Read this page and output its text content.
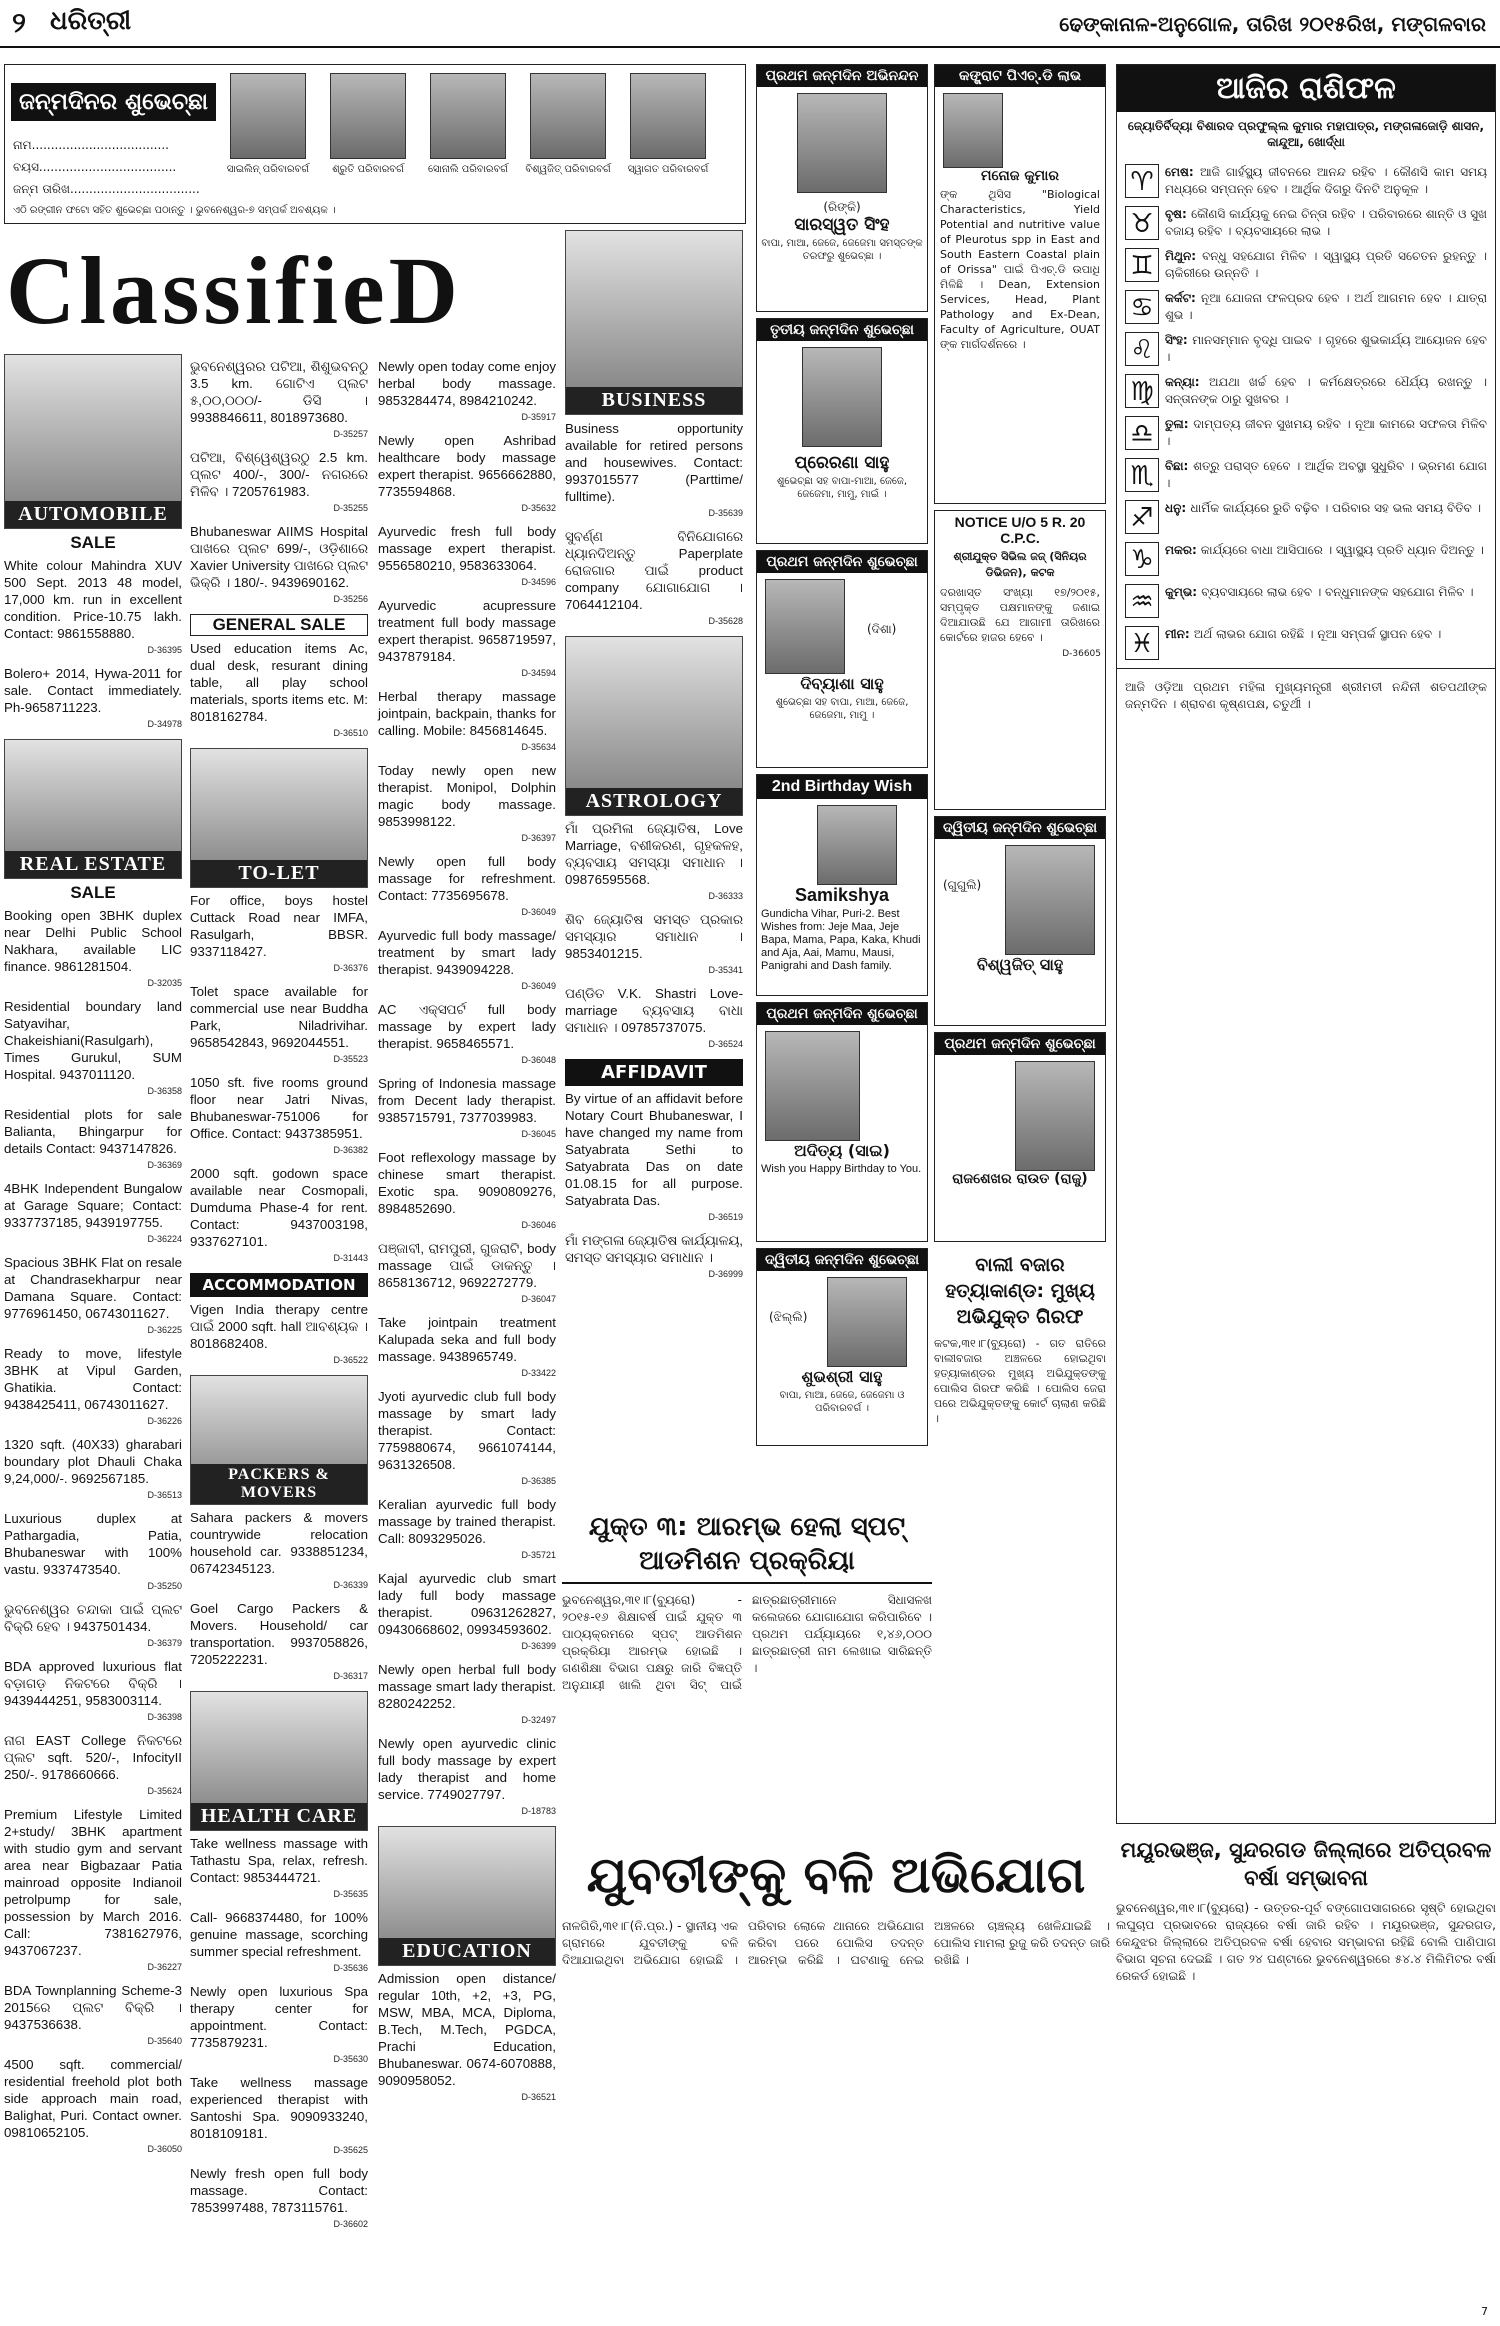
୨ ଧରିତ୍ରୀ	ଢେଙ୍କାନାଳ-ଅନୁଗୋଳ, ତାରିଖ ୨୦୧୫ରିଖ, ମଙ୍ଗଳବାର
ଜନ୍ମଦିନର ଶୁଭେଚ୍ଛା
ନାମ....................................
ବୟସ....................................
ଜନ୍ମ ତାରିଖ..................................
ସାଇଲିନ୍ ପରିବାରବର୍ଗ	ଶ୍ରୁତି ପରିବାରବର୍ଗ	ସୋନାଲି ପରିବାରବର୍ଗ	ବିଶ୍ୱଜିତ୍ ପରିବାରବର୍ଗ	ସ୍ୱାଗତ ପରିବାରବର୍ଗ
ଏଠି ରଙ୍ଗୀନ ଫଟୋ ସହିତ ଶୁଭେଚ୍ଛା ପଠାନ୍ତୁ । ଭୁବନେଶ୍ୱର-୭ ସମ୍ପର୍କ ଅବଶ୍ୟକ ।
ClassifieD
BUSINESS
AUTOMOBILE
SALE
White colour Mahindra XUV 500 Sept. 2013 48 model, 17,000 km. run in excellent condition. Price-10.75 lakh. Contact: 9861558880.
D-36395
Bolero+ 2014, Hywa-2011 for sale. Contact immediately. Ph-9658711223.
D-34978
REAL ESTATE
SALE
Booking open 3BHK duplex near Delhi Public School Nakhara, available LIC finance. 9861281504.
D-32035
Residential boundary land Satyavihar, Chakeishiani(Rasulgarh), Times Gurukul, SUM Hospital. 9437011120.
D-36358
Residential plots for sale Balianta, Bhingarpur for details Contact: 9437147826.
D-36369
4BHK Independent Bungalow at Garage Square; Contact: 9337737185, 9439197755.
D-36224
Spacious 3BHK Flat on resale at Chandrasekharpur near Damana Square. Contact: 9776961450, 06743011627.
D-36225
Ready to move, lifestyle 3BHK at Vipul Garden, Ghatikia. Contact: 9438425411, 06743011627.
D-36226
1320 sqft. (40X33) gharabari boundary plot Dhauli Chaka 9,24,000/-. 9692567185.
D-36513
Luxurious duplex at Pathargadia, Patia, Bhubaneswar with 100% vastu. 9337473540.
D-35250
ଭୁବନେଶ୍ୱର ଚନ୍ଦାକା ପାଇଁ ପ୍ଲଟ ବିକ୍ରି ହେବ । 9437501434.
D-36379
BDA approved luxurious flat ବଡ଼ାଗଡ଼ ନିକଟରେ ବିକ୍ରି । 9439444251, 9583003114.
D-36398
ନାଗ EAST College ନିକଟରେ ପ୍ଲଟ sqft. 520/-, InfocityII 250/-. 9178660666.
D-35624
Premium Lifestyle Limited 2+study/ 3BHK apartment with studio gym and servant area near Bigbazaar Patia mainroad opposite Indianoil petrolpump for sale, possession by March 2016. Call: 7381627976, 9437067237.
D-36227
BDA Townplanning Scheme-3 2015ରେ ପ୍ଲଟ ବିକ୍ରି । 9437536638.
D-35640
4500 sqft. commercial/ residential freehold plot both side approach main road, Balighat, Puri. Contact owner. 09810652105.
D-36050
ଭୁବନେଶ୍ୱରର ପଟିଆ, ଶିଶୁଭବନଠୁ 3.5 km. ଗୋଟିଏ ପ୍ଲଟ ୫,୦୦,୦୦୦/- ଡିସି । 9938846611, 8018973680.
D-35257
ପଟିଆ, ବିଶ୍ୱେଶ୍ୱରଠୁ 2.5 km. ପ୍ଲଟ 400/-, 300/- ନଗରରେ ମିଳିବ । 7205761983.
D-35255
Bhubaneswar AIIMS Hospital ପାଖରେ ପ୍ଲଟ 699/-, ଓଡ଼ିଶାରେ Xavier University ପାଖରେ ପ୍ଲଟ ଭିକ୍ରି । 180/-. 9439690162.
D-35256
GENERAL SALE
Used education items Ac, dual desk, resurant dining table, all play school materials, sports items etc. M: 8018162784.
D-36510
TO-LET
For office, boys hostel Cuttack Road near IMFA, Rasulgarh, BBSR. 9337118427.
D-36376
Tolet space available for commercial use near Buddha Park, Niladrivihar. 9658542843, 9692044551.
D-35523
1050 sft. five rooms ground floor near Jatri Nivas, Bhubaneswar-751006 for Office. Contact: 9437385951.
D-36382
2000 sqft. godown space available near Cosmopali, Dumduma Phase-4 for rent. Contact: 9437003198, 9337627101.
D-31443
ACCOMMODATION
Vigen India therapy centre ପାଇଁ 2000 sqft. hall ଆବଶ୍ୟକ । 8018682408.
D-36522
PACKERS & MOVERS
Sahara packers & movers countrywide relocation household car. 9338851234, 06742345123.
D-36339
Goel Cargo Packers & Movers. Household/ car transportation. 9937058826, 7205222231.
D-36317
HEALTH CARE
Take wellness massage with Tathastu Spa, relax, refresh. Contact: 9853444721.
D-35635
Call- 9668374480, for 100% genuine massage, scorching summer special refreshment.
D-35636
Newly open luxurious Spa therapy center for appointment. Contact: 7735879231.
D-35630
Take wellness massage experienced therapist with Santoshi Spa. 9090933240, 8018109181.
D-35625
Newly fresh open full body massage. Contact: 7853997488, 7873115761.
D-36602
Newly open today come enjoy herbal body massage. 9853284474, 8984210242.
D-35917
Newly open Ashribad healthcare body massage expert therapist. 9656662880, 7735594868.
D-35632
Ayurvedic fresh full body massage expert therapist. 9556580210, 9583633064.
D-34596
Ayurvedic acupressure treatment full body massage expert therapist. 9658719597, 9437879184.
D-34594
Herbal therapy massage jointpain, backpain, thanks for calling. Mobile: 8456814645.
D-35634
Today newly open new therapist. Monipol, Dolphin magic body massage. 9853998122.
D-36397
Newly open full body massage for refreshment. Contact: 7735695678.
D-36049
Ayurvedic full body massage/ treatment by smart lady therapist. 9439094228.
D-36049
AC ଏକ୍ସପର୍ଟ full body massage by expert lady therapist. 9658465571.
D-36048
Spring of Indonesia massage from Decent lady therapist. 9385715791, 7377039983.
D-36045
Foot reflexology massage by chinese smart therapist. Exotic spa. 9090809276, 8984852690.
D-36046
ପଞ୍ଜାବୀ, ରାମପୁରୀ, ଗୁଜରାଟି, body massage ପାଇଁ ଡାକନ୍ତୁ । 8658136712, 9692272779.
D-36047
Take jointpain treatment Kalupada seka and full body massage. 9438965749.
D-33422
Jyoti ayurvedic club full body massage by smart lady therapist. Contact: 7759880674, 9661074144, 9631326508.
D-36385
Keralian ayurvedic full body massage by trained therapist. Call: 8093295026.
D-35721
Kajal ayurvedic club smart lady full body massage therapist. 09631262827, 09430668602, 09934593602.
D-36399
Newly open herbal full body massage smart lady therapist. 8280242252.
D-32497
Newly open ayurvedic clinic full body massage by expert lady therapist and home service. 7749027797.
D-18783
EDUCATION
Admission open distance/ regular 10th, +2, +3, PG, MSW, MBA, MCA, Diploma, B.Tech, M.Tech, PGDCA, Prachi Education, Bhubaneswar. 0674-6070888, 9090958052.
D-36521
Business opportunity available for retired persons and housewives. Contact: 9937015577 (Parttime/ fulltime).
D-35639
ସୁବର୍ଣ୍ଣ ବିନିଯୋଗରେ ଧ୍ୟାନଦିଅନ୍ତୁ Paperplate ରୋଜଗାର ପାଇଁ product company ଯୋଗାଯୋଗ । 7064412104.
D-35628
ASTROLOGY
ମାଁ ପ୍ରମିଳା ଜ୍ୟୋତିଷ, Love Marriage, ବଶୀକରଣ, ଗୃହକଳହ, ବ୍ୟବସାୟ ସମସ୍ୟା ସମାଧାନ । 09876595568.
D-36333
ଶିବ ଜ୍ୟୋତିଷ ସମସ୍ତ ପ୍ରକାର ସମସ୍ୟାର ସମାଧାନ । 9853401215.
D-35341
ପଣ୍ଡିତ V.K. Shastri Love-marriage ବ୍ୟବସାୟ ବାଧା ସମାଧାନ । 09785737075.
D-36524
AFFIDAVIT
By virtue of an affidavit before Notary Court Bhubaneswar, I have changed my name from Satyabrata Sethi to Satyabrata Das on date 01.08.15 for all purpose. Satyabrata Das.
D-36519
ମାଁ ମଙ୍ଗଳା ଜ୍ୟୋତିଷ କାର୍ଯ୍ୟାଳୟ, ସମସ୍ତ ସମସ୍ୟାର ସମାଧାନ ।
D-36999
ପ୍ରଥମ ଜନ୍ମଦିନ ଅଭିନନ୍ଦନ
(ରିଙ୍କି)
ସାରସ୍ୱତ ସିଂହ
ବାପା, ମାଆ, ଜେଜେ, ଜେଜେମା ସମସ୍ତଙ୍କ ତରଫରୁ ଶୁଭେଚ୍ଛା ।
ତୃତୀୟ ଜନ୍ମଦିନ ଶୁଭେଚ୍ଛା
ପ୍ରେରଣା ସାହୁ
ଶୁଭେଚ୍ଛା ସହ ବାପା-ମାଆ, ଜେଜେ, ଜେଜେମା, ମାମୁ, ମାଇଁ ।
ପ୍ରଥମ ଜନ୍ମଦିନ ଶୁଭେଚ୍ଛା
(ଦିଶା)
ଦିବ୍ୟାଶା ସାହୁ
ଶୁଭେଚ୍ଛା ସହ ବାପା, ମାଆ, ଜେଜେ, ଜେଜେମା, ମାମୁ ।
2nd Birthday Wish
Samikshya
Gundicha Vihar, Puri-2. Best Wishes from: Jeje Maa, Jeje Bapa, Mama, Papa, Kaka, Khudi and Aja, Aai, Mamu, Mausi, Panigrahi and Dash family.
ପ୍ରଥମ ଜନ୍ମଦିନ ଶୁଭେଚ୍ଛା
ଅଦିତ୍ୟ (ସାଇ)
Wish you Happy Birthday to You.
ଦ୍ୱିତୀୟ ଜନ୍ମଦିନ ଶୁଭେଚ୍ଛା
(ଝିଲ୍ଲି)
ଶୁଭଶ୍ରୀ ସାହୁ
ବାପା, ମାଆ, ଜେଜେ, ଜେଜେମା ଓ ପରିବାରବର୍ଗ ।
କଙ୍ଗ୍ରାଟ ପିଏଚ୍.ଡି ଲାଭ
ମନୋଜ କୁମାର
ଙ୍କ ଥିସିସ "Biological Characteristics, Yield Potential and nutritive value of Pleurotus spp in East and South Eastern Coastal plain of Orissa" ପାଇଁ ପିଏଚ୍.ଡି ଉପାଧି ମିଳିଛି । Dean, Extension Services, Head, Plant Pathology and Ex-Dean, Faculty of Agriculture, OUAT ଙ୍କ ମାର୍ଗଦର୍ଶନରେ ।
NOTICE U/O 5 R. 20 C.P.C.
ଶ୍ରୀଯୁକ୍ତ ସିଭିଲ ଜଜ୍ (ସିନିୟର ଡିଭିଜନ), କଟକ
ଦରଖାସ୍ତ ସଂଖ୍ୟା ୧୭/୨୦୧୫, ସମ୍ପୃକ୍ତ ପକ୍ଷମାନଙ୍କୁ ଜଣାଇ ଦିଆଯାଉଛି ଯେ ଆଗାମୀ ତାରିଖରେ କୋର୍ଟରେ ହାଜର ହେବେ ।
D-36605
ଦ୍ୱିତୀୟ ଜନ୍ମଦିନ ଶୁଭେଚ୍ଛା
(ଗୁଗୁଲି)
ବିଶ୍ୱଜିତ୍ ସାହୁ
ପ୍ରଥମ ଜନ୍ମଦିନ ଶୁଭେଚ୍ଛା
ରାଜଶେଖର ରାଉତ (ରାଜୁ)
ବାଲୀ ବଜାର ହତ୍ୟାକାଣ୍ଡ: ମୁଖ୍ୟ ଅଭିଯୁକ୍ତ ଗିରଫ
କଟକ,୩୧।୮(ବ୍ୟୁରୋ) - ଗତ ରାତିରେ ବାଲୀବଜାର ଅଞ୍ଚଳରେ ହୋଇଥିବା ହତ୍ୟାକାଣ୍ଡର ମୁଖ୍ୟ ଅଭିଯୁକ୍ତଙ୍କୁ ପୋଲିସ ଗିରଫ କରିଛି । ପୋଲିସ ଜେରା ପରେ ଅଭିଯୁକ୍ତଙ୍କୁ କୋର୍ଟ ଚାଲାଣ କରିଛି ।
ଯୁକ୍ତ ୩: ଆରମ୍ଭ ହେଲା ସ୍ପଟ୍ ଆଡମିଶନ ପ୍ରକ୍ରିୟା
ଭୁବନେଶ୍ୱର,୩୧।୮(ବ୍ୟୁରୋ) - ୨୦୧୫-୧୬ ଶିକ୍ଷାବର୍ଷ ପାଇଁ ଯୁକ୍ତ ୩ ପାଠ୍ୟକ୍ରମରେ ସ୍ପଟ୍ ଆଡମିଶନ ପ୍ରକ୍ରିୟା ଆରମ୍ଭ ହୋଇଛି । ଗଣଶିକ୍ଷା ବିଭାଗ ପକ୍ଷରୁ ଜାରି ବିଜ୍ଞପ୍ତି ଅନୁଯାୟୀ ଖାଲି ଥିବା ସିଟ୍ ପାଇଁ ଛାତ୍ରଛାତ୍ରୀମାନେ ସିଧାସଳଖ କଲେଜରେ ଯୋଗାଯୋଗ କରିପାରିବେ । ପ୍ରଥମ ପର୍ଯ୍ୟାୟରେ ୧,୪୬,୦୦୦ ଛାତ୍ରଛାତ୍ରୀ ନାମ ଲେଖାଇ ସାରିଛନ୍ତି ।
ଯୁବତୀଙ୍କୁ ବଳି ଅଭିଯୋଗ
ନାଳଗିରି,୩୧।୮(ନି.ପ୍ର.) - ସ୍ଥାନୀୟ ଏକ ଗ୍ରାମରେ ଯୁବତୀଙ୍କୁ ବଳି ଦିଆଯାଇଥିବା ଅଭିଯୋଗ ହୋଇଛି । ପରିବାର ଲୋକେ ଥାନାରେ ଅଭିଯୋଗ କରିବା ପରେ ପୋଲିସ ତଦନ୍ତ ଆରମ୍ଭ କରିଛି । ଘଟଣାକୁ ନେଇ ଅଞ୍ଚଳରେ ଚାଞ୍ଚଲ୍ୟ ଖେଳିଯାଇଛି । ପୋଲିସ ମାମଲା ରୁଜୁ କରି ତଦନ୍ତ ଜାରି ରଖିଛି ।
ଆଜିର ରାଶିଫଳ
ଜ୍ୟୋତିର୍ବିଦ୍ୟା ବିଶାରଦ ପ୍ରଫୁଲ୍ଲ କୁମାର ମହାପାତ୍ର, ମଙ୍ଗଳାଜୋଡ଼ି ଶାସନ, କାନ୍ଦୁଆ, ଖୋର୍ଦ୍ଧା
♈ ମେଷ: ଆଜି ଗାର୍ହସ୍ଥ୍ୟ ଜୀବନରେ ଆନନ୍ଦ ରହିବ । କୌଣସି କାମ ସମୟ ମଧ୍ୟରେ ସମ୍ପନ୍ନ ହେବ । ଆର୍ଥିକ ଦିଗରୁ ଦିନଟି ଅନୁକୂଳ ।
♉ ବୃଷ: କୌଣସି କାର୍ଯ୍ୟକୁ ନେଇ ଚିନ୍ତା ରହିବ । ପରିବାରରେ ଶାନ୍ତି ଓ ସୁଖ ବଜାୟ ରହିବ । ବ୍ୟବସାୟରେ ଲାଭ ।
♊ ମିଥୁନ: ବନ୍ଧୁ ସହଯୋଗ ମିଳିବ । ସ୍ୱାସ୍ଥ୍ୟ ପ୍ରତି ସଚେତନ ରୁହନ୍ତୁ । ଚାକିରୀରେ ଉନ୍ନତି ।
♋ କର୍କଟ: ନୂଆ ଯୋଜନା ଫଳପ୍ରଦ ହେବ । ଅର୍ଥ ଆଗମନ ହେବ । ଯାତ୍ରା ଶୁଭ ।
♌ ସିଂହ: ମାନସମ୍ମାନ ବୃଦ୍ଧି ପାଇବ । ଗୃହରେ ଶୁଭକାର୍ଯ୍ୟ ଆୟୋଜନ ହେବ ।
♍ କନ୍ୟା: ଅଯଥା ଖର୍ଚ୍ଚ ହେବ । କର୍ମକ୍ଷେତ୍ରରେ ଧୈର୍ଯ୍ୟ ରଖନ୍ତୁ । ସନ୍ତାନଙ୍କ ଠାରୁ ସୁଖବର ।
♎ ତୁଳା: ଦାମ୍ପତ୍ୟ ଜୀବନ ସୁଖମୟ ରହିବ । ନୂଆ କାମରେ ସଫଳତା ମିଳିବ ।
♏ ବିଛା: ଶତ୍ରୁ ପରାସ୍ତ ହେବେ । ଆର୍ଥିକ ଅବସ୍ଥା ସୁଧୁରିବ । ଭ୍ରମଣ ଯୋଗ ।
♐ ଧନୁ: ଧାର୍ମିକ କାର୍ଯ୍ୟରେ ରୁଚି ବଢ଼ିବ । ପରିବାର ସହ ଭଲ ସମୟ ବିତିବ ।
♑ ମକର: କାର୍ଯ୍ୟରେ ବାଧା ଆସିପାରେ । ସ୍ୱାସ୍ଥ୍ୟ ପ୍ରତି ଧ୍ୟାନ ଦିଅନ୍ତୁ ।
♒ କୁମ୍ଭ: ବ୍ୟବସାୟରେ ଲାଭ ହେବ । ବନ୍ଧୁମାନଙ୍କ ସହଯୋଗ ମିଳିବ ।
♓ ମୀନ: ଅର୍ଥ ଲାଭର ଯୋଗ ରହିଛି । ନୂଆ ସମ୍ପର୍କ ସ୍ଥାପନ ହେବ ।
ଆଜି ଓଡ଼ିଆ ପ୍ରଥମ ମହିଳା ମୁଖ୍ୟମନ୍ତ୍ରୀ ଶ୍ରୀମତୀ ନନ୍ଦିନୀ ଶତପଥୀଙ୍କ ଜନ୍ମଦିନ । ଶ୍ରାବଣ କୃଷ୍ଣପକ୍ଷ, ଚତୁର୍ଥୀ ।
ମୟୂରଭଞ୍ଜ, ସୁନ୍ଦରଗଡ ଜିଲ୍ଲାରେ ଅତିପ୍ରବଳ ବର୍ଷା ସମ୍ଭାବନା
ଭୁବନେଶ୍ୱର,୩୧।୮(ବ୍ୟୁରୋ) - ଉତ୍ତର-ପୂର୍ବ ବଙ୍ଗୋପସାଗରରେ ସୃଷ୍ଟି ହୋଇଥିବା ଲଘୁଚାପ ପ୍ରଭାବରେ ରାଜ୍ୟରେ ବର୍ଷା ଜାରି ରହିବ । ମୟୂରଭଞ୍ଜ, ସୁନ୍ଦରଗଡ, କେନ୍ଦୁଝର ଜିଲ୍ଲାରେ ଅତିପ୍ରବଳ ବର୍ଷା ହେବାର ସମ୍ଭାବନା ରହିଛି ବୋଲି ପାଣିପାଗ ବିଭାଗ ସୂଚନା ଦେଇଛି । ଗତ ୨୪ ଘଣ୍ଟାରେ ଭୁବନେଶ୍ୱରରେ ୫୪.୪ ମିଲିମିଟର ବର୍ଷା ରେକର୍ଡ ହୋଇଛି ।
7
